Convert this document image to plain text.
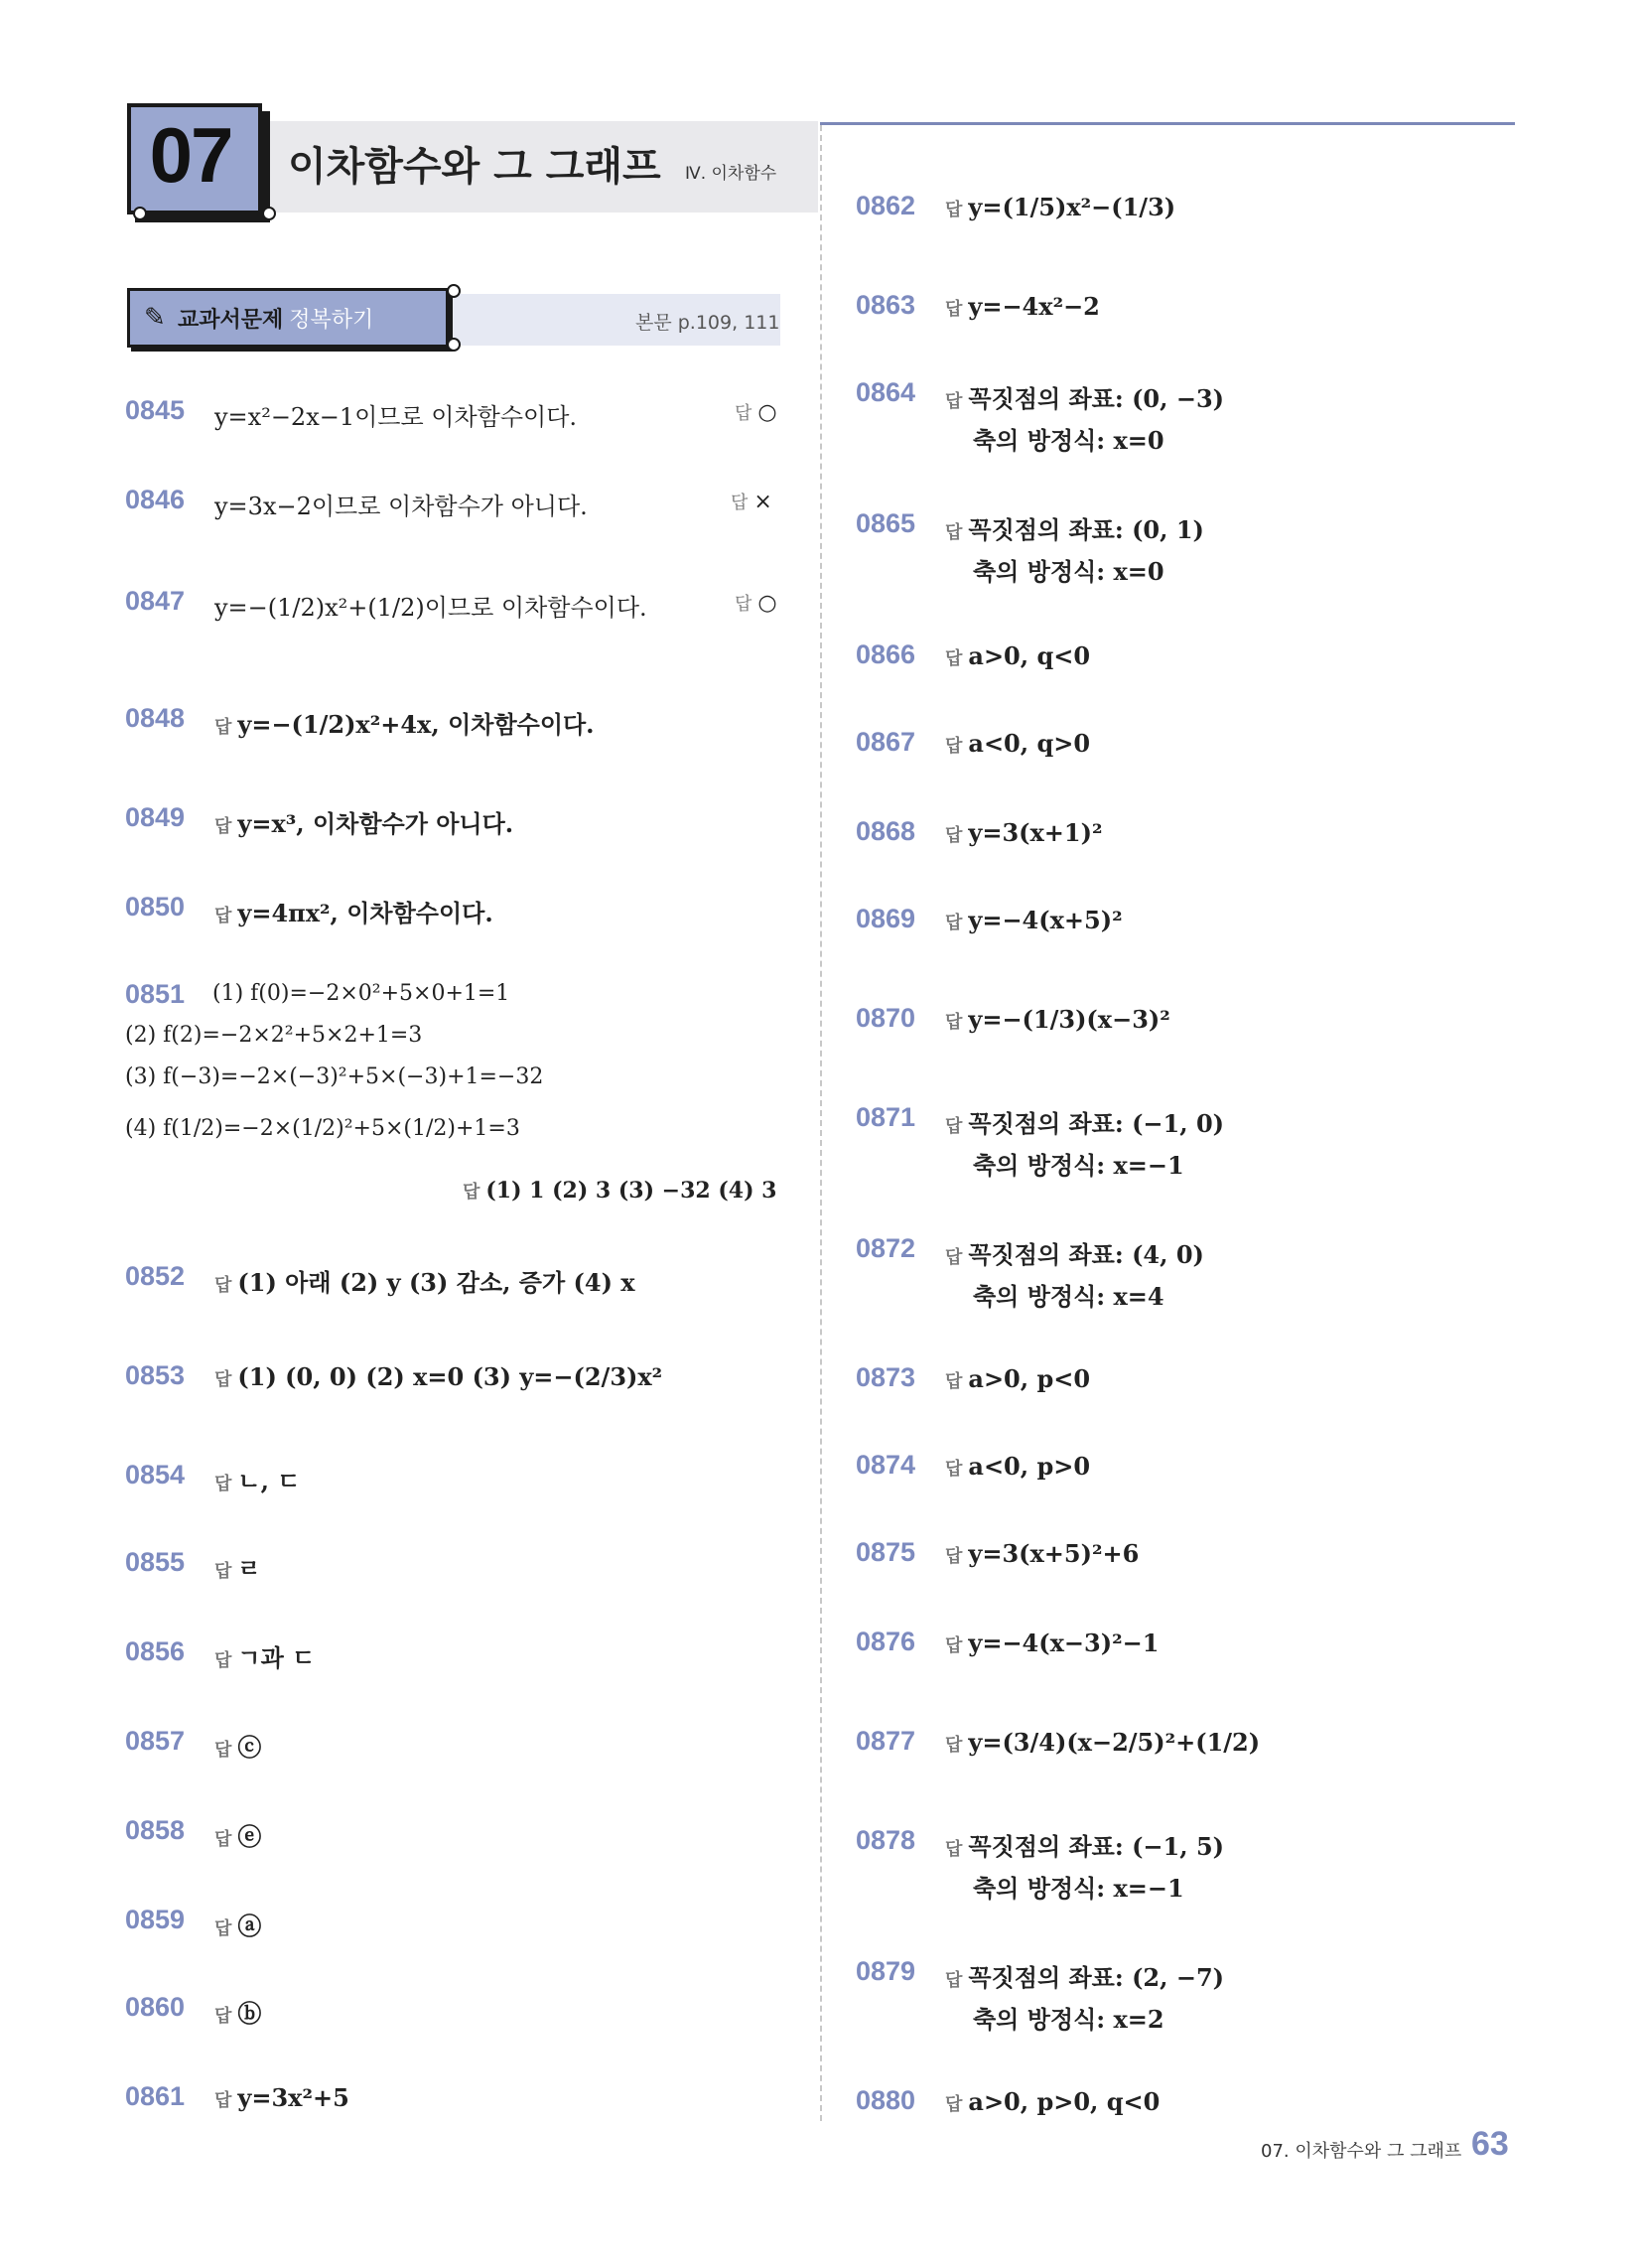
07	이차함수와 그 그래프 Ⅳ. 이차함수
✎ 교과서문제 정복하기	본문 p.109, 111
0845 y=x²−2x−1이므로 이차함수이다.	답 ○
0846 y=3x−2이므로 이차함수가 아니다.	답 ×
0847 y=−(1/2)x²+(1/2)이므로 이차함수이다.	답 ○
0848 답 y=−(1/2)x²+4x, 이차함수이다.
0849 답 y=x³, 이차함수가 아니다.
0850 답 y=4πx², 이차함수이다.
0851 (1) f(0)=−2×0²+5×0+1=1
(2) f(2)=−2×2²+5×2+1=3
(3) f(−3)=−2×(−3)²+5×(−3)+1=−32
(4) f(1/2)=−2×(1/2)²+5×(1/2)+1=3
답 (1) 1 (2) 3 (3) −32 (4) 3
0852 답 (1) 아래 (2) y (3) 감소, 증가 (4) x
0853 답 (1) (0, 0) (2) x=0 (3) y=−(2/3)x²
0854 답 ㄴ, ㄷ
0855 답 ㄹ
0856 답 ㄱ과 ㄷ
0857 답 ⓒ
0858 답 ⓔ
0859 답 ⓐ
0860 답 ⓑ
0861 답 y=3x²+5
0862 답 y=(1/5)x²−(1/3)
0863 답 y=−4x²−2
0864 답 꼭짓점의 좌표: (0, −3)
축의 방정식: x=0
0865 답 꼭짓점의 좌표: (0, 1)
축의 방정식: x=0
0866 답 a>0, q<0
0867 답 a<0, q>0
0868 답 y=3(x+1)²
0869 답 y=−4(x+5)²
0870 답 y=−(1/3)(x−3)²
0871 답 꼭짓점의 좌표: (−1, 0)
축의 방정식: x=−1
0872 답 꼭짓점의 좌표: (4, 0)
축의 방정식: x=4
0873 답 a>0, p<0
0874 답 a<0, p>0
0875 답 y=3(x+5)²+6
0876 답 y=−4(x−3)²−1
0877 답 y=(3/4)(x−2/5)²+(1/2)
0878 답 꼭짓점의 좌표: (−1, 5)
축의 방정식: x=−1
0879 답 꼭짓점의 좌표: (2, −7)
축의 방정식: x=2
0880 답 a>0, p>0, q<0
07. 이차함수와 그 그래프 63
